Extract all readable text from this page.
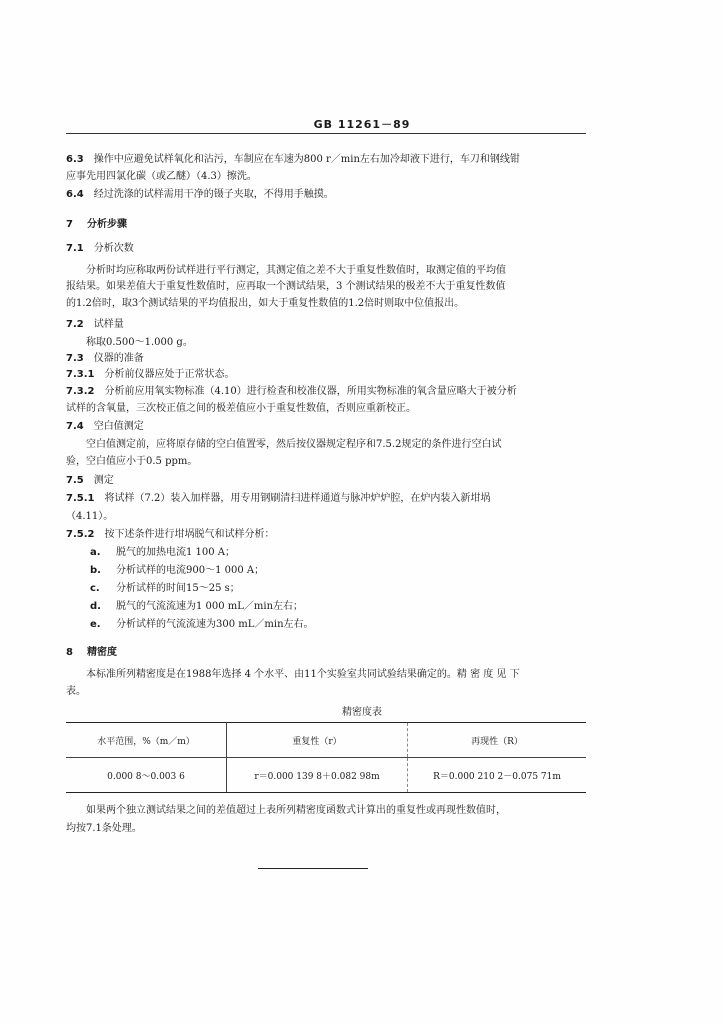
GB 11261－89
6.3 操作中应避免试样氧化和沾污，车制应在车速为800 r／min左右加冷却液下进行，车刀和钢线钳
应事先用四氯化碳（或乙醚）（4.3）擦洗。
6.4 经过洗涤的试样需用干净的镊子夹取，不得用手触摸。
7 分析步骤
7.1 分析次数
分析时均应称取两份试样进行平行测定，其测定值之差不大于重复性数值时，取测定值的平均值
报结果。如果差值大于重复性数值时，应再取一个测试结果，3 个测试结果的极差不大于重复性数值
的1.2倍时，取3个测试结果的平均值报出，如大于重复性数值的1.2倍时则取中位值报出。
7.2 试样量
称取0.500～1.000 g。
7.3 仪器的准备
7.3.1 分析前仪器应处于正常状态。
7.3.2 分析前应用氧实物标准（4.10）进行检查和校准仪器，所用实物标准的氧含量应略大于被分析
试样的含氧量，三次校正值之间的极差值应小于重复性数值，否则应重新校正。
7.4 空白值测定
空白值测定前，应将原存储的空白值置零，然后按仪器规定程序和7.5.2规定的条件进行空白试
验，空白值应小于0.5 ppm。
7.5 测定
7.5.1 将试样（7.2）装入加样器，用专用钢刷清扫进样通道与脉冲炉炉腔，在炉内装入新坩埚
（4.11）。
7.5.2 按下述条件进行坩埚脱气和试样分析：
a. 脱气的加热电流1 100 A；
b. 分析试样的电流900～1 000 A；
c. 分析试样的时间15～25 s；
d. 脱气的气流流速为1 000 mL／min左右；
e. 分析试样的气流流速为300 mL／min左右。
8 精密度
本标准所列精密度是在1988年选择 4 个水平、由11个实验室共同试验结果确定的。精 密 度 见 下
表。
精密度表
水平范围，%（m／m）	重复性（r）	再现性（R）
0.000 8～0.003 6	r＝0.000 139 8＋0.082 98m	R＝0.000 210 2－0.075 71m
如果两个独立测试结果之间的差值超过上表所列精密度函数式计算出的重复性或再现性数值时，
均按7.1条处理。
